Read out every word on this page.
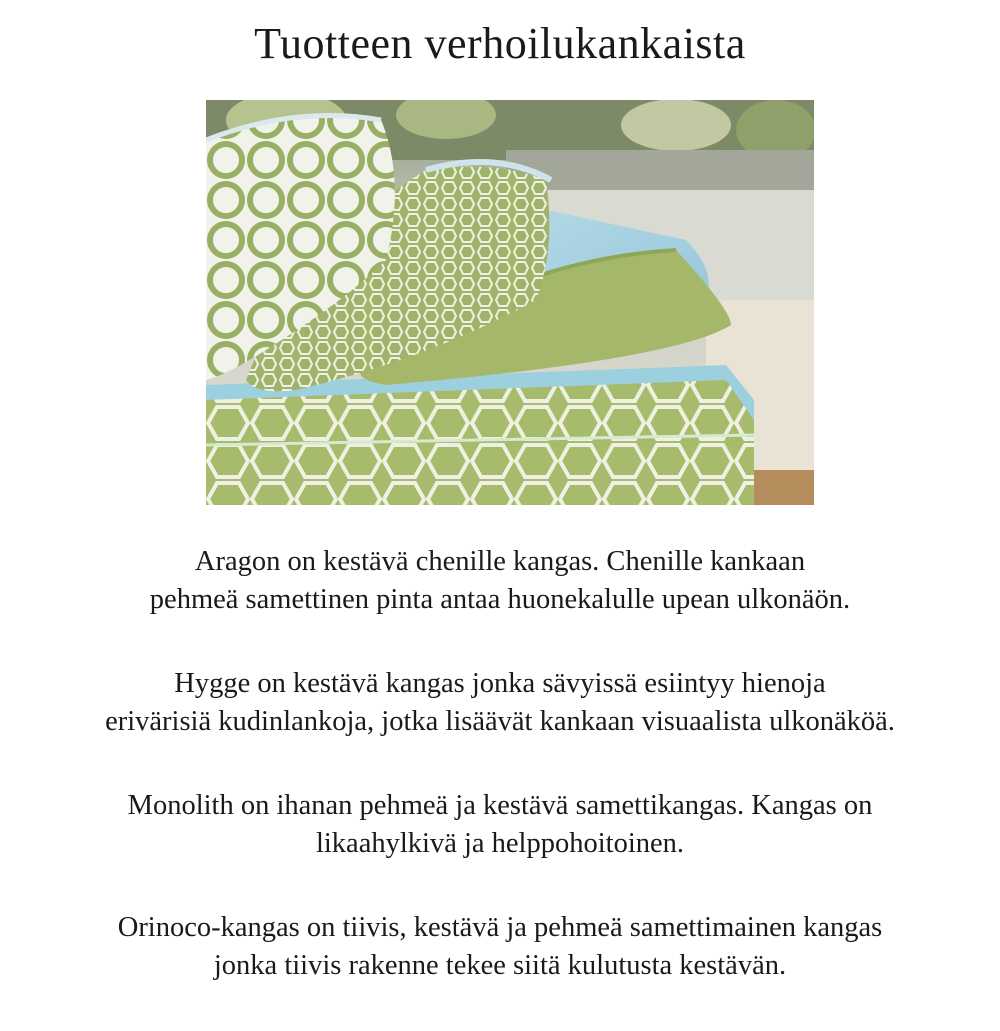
Tuotteen verhoilukankaista

Aragon on kestävä chenille kangas. Chenille kankaan
pehmeä samettinen pinta antaa huonekalulle upean ulkonäön.

Hygge on kestävä kangas jonka sävyissä esiintyy hienoja
erivärisiä kudinlankoja, jotka lisäävät kankaan visuaalista ulkonäköä.

Monolith on ihanan pehmeä ja kestävä samettikangas. Kangas on
likaahylkivä ja helppohoitoinen.

Orinoco-kangas on tiivis, kestävä ja pehmeä samettimainen kangas
jonka tiivis rakenne tekee siitä kulutusta kestävän.
